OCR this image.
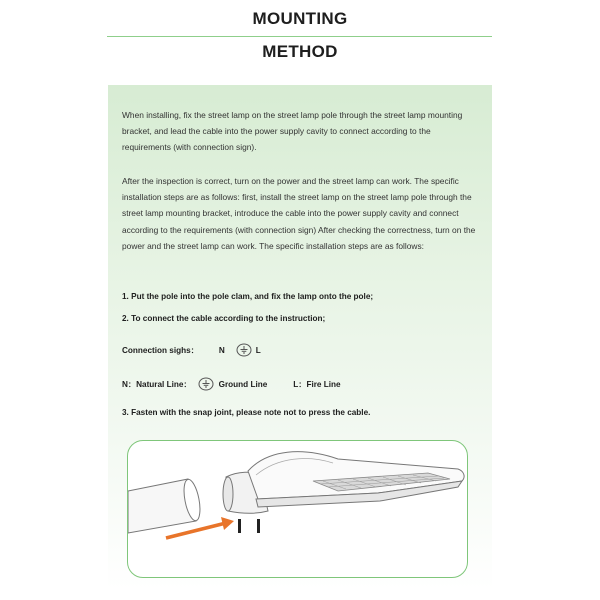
MOUNTING
METHOD

When installing, fix the street lamp on the street lamp pole through the street lamp mounting bracket, and lead the cable into the power supply cavity to connect according to the requirements (with connection sign).

After the inspection is correct, turn on the power and the street lamp can work. The specific installation steps are as follows: first, install the street lamp on the street lamp pole through the street lamp mounting bracket, introduce the cable into the power supply cavity and connect according to the requirements (with connection sign) After checking the correctness, turn on the power and the street lamp can work. The specific installation steps are as follows:

1. Put the pole into the pole clam, and fix the lamp onto the pole;
2. To connect the cable according to the instruction;
Connection sighs： N	L
N：Natural Line：	Ground Line	L：Fire Line
3. Fasten with the snap joint, please note not to press the cable.
